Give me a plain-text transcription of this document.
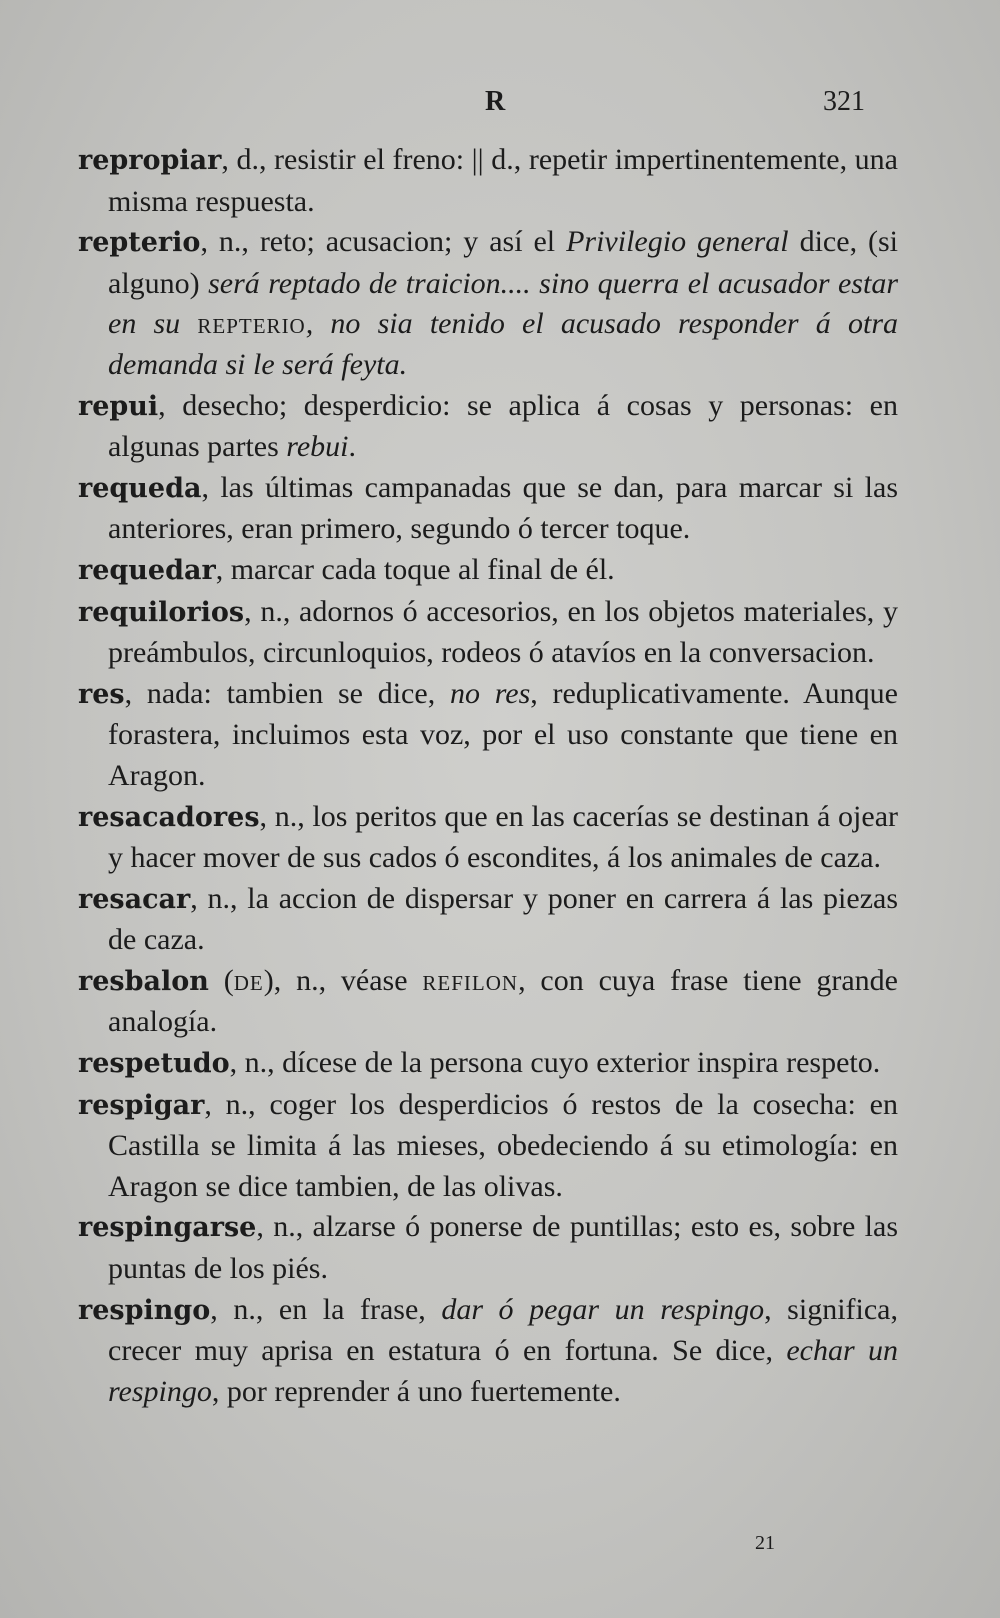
R	321

repropiar, d., resistir el freno: || d., repetir impertinentemente, una misma respuesta.

repterio, n., reto; acusacion; y así el Privilegio general dice, (si alguno) será reptado de traicion.... sino querra el acusador estar en su repterio, no sia tenido el acusado responder á otra demanda si le será feyta.

repui, desecho; desperdicio: se aplica á cosas y personas: en algunas partes rebui.

requeda, las últimas campanadas que se dan, para marcar si las anteriores, eran primero, segundo ó tercer toque.

requedar, marcar cada toque al final de él.

requilorios, n., adornos ó accesorios, en los objetos materiales, y preámbulos, circunloquios, rodeos ó atavíos en la conversacion.

res, nada: tambien se dice, no res, reduplicativamente. Aunque forastera, incluimos esta voz, por el uso constante que tiene en Aragon.

resacadores, n., los peritos que en las cacerías se destinan á ojear y hacer mover de sus cados ó escondites, á los animales de caza.

resacar, n., la accion de dispersar y poner en carrera á las piezas de caza.

resbalon (de), n., véase refilon, con cuya frase tiene grande analogía.

respetudo, n., dícese de la persona cuyo exterior inspira respeto.

respigar, n., coger los desperdicios ó restos de la cosecha: en Castilla se limita á las mieses, obedeciendo á su etimología: en Aragon se dice tambien, de las olivas.

respingarse, n., alzarse ó ponerse de puntillas; esto es, sobre las puntas de los piés.

respingo, n., en la frase, dar ó pegar un respingo, significa, crecer muy aprisa en estatura ó en fortuna. Se dice, echar un respingo, por reprender á uno fuertemente.

21
